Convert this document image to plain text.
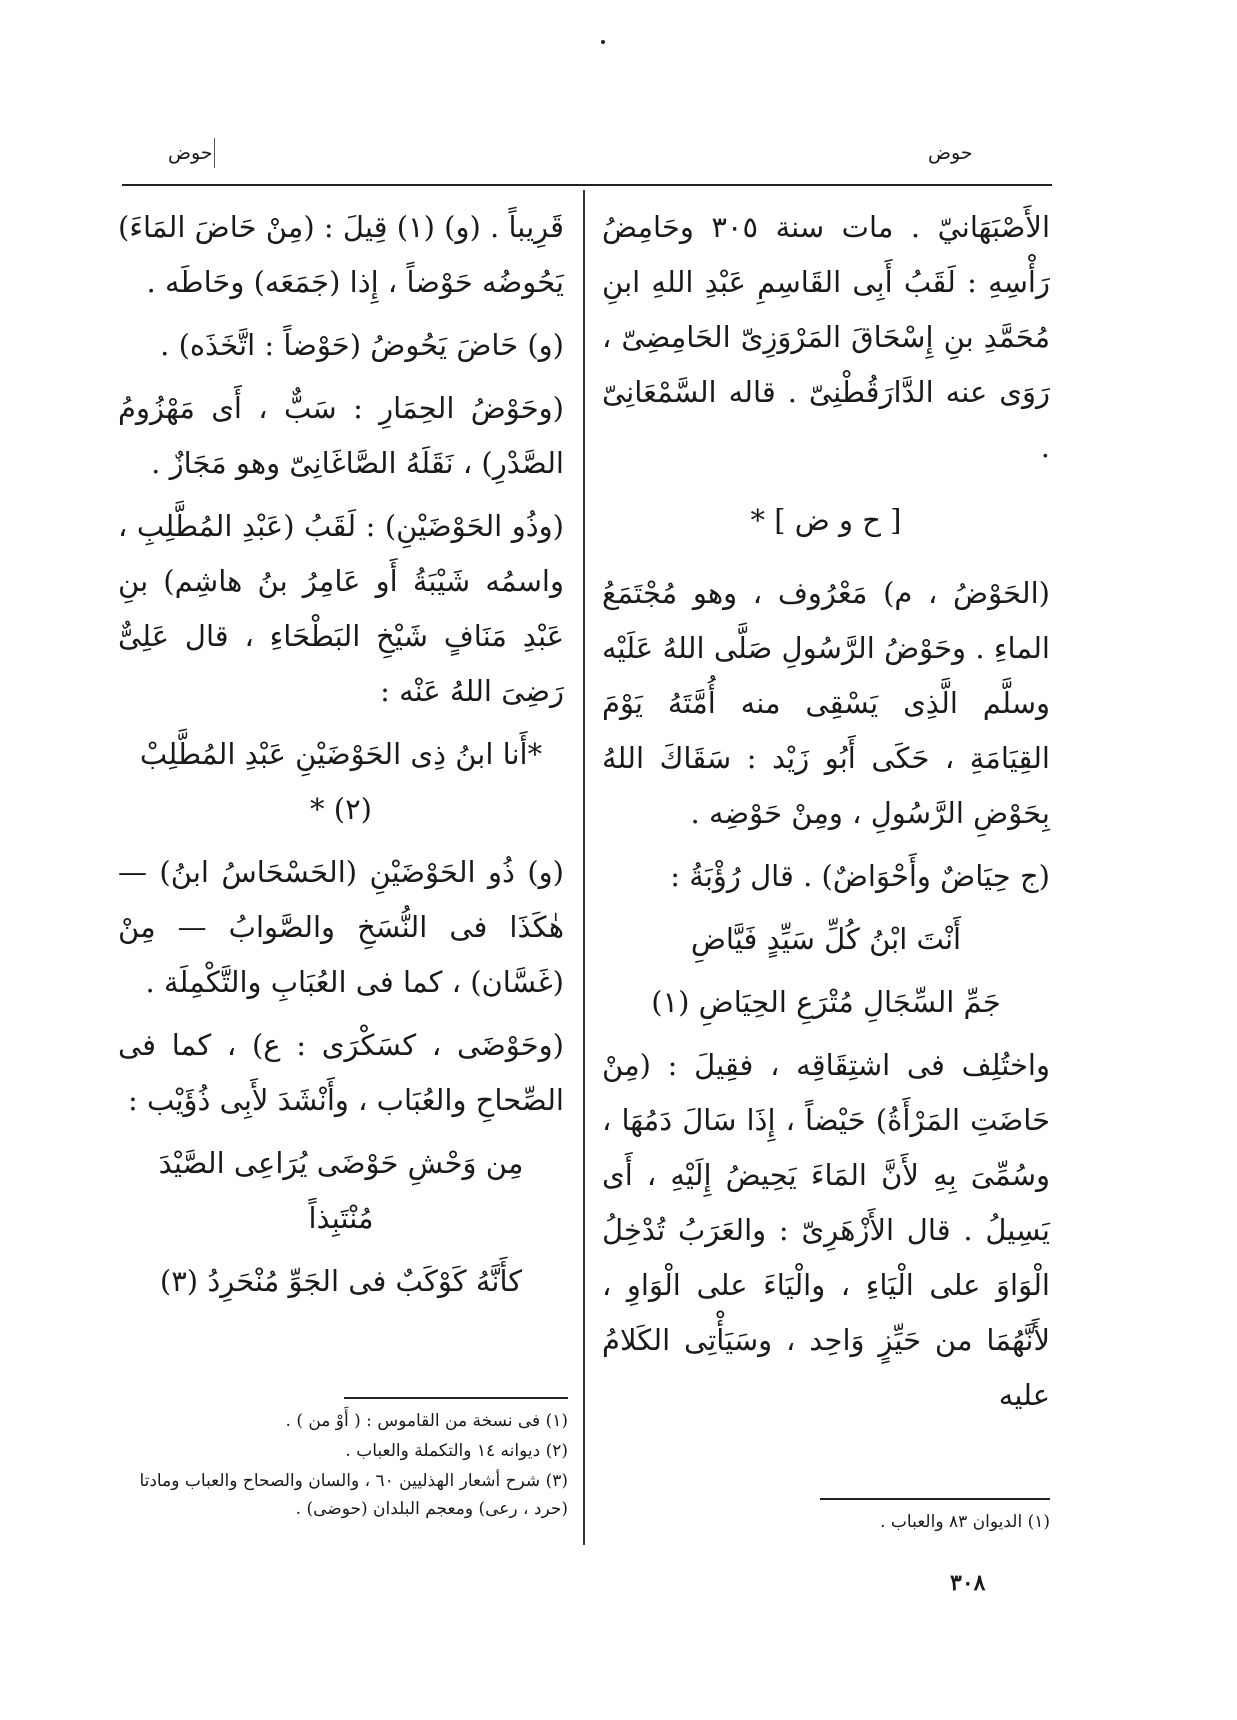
حوض
حوض

الأَصْبَهَانيّ . مات سنة ٣٠٥ وحَامِضُ رَأْسِهِ : لَقَبُ أَبِى القَاسِمِ عَبْدِ اللهِ ابنِ مُحَمَّدِ بنِ إِسْحَاقَ المَرْوَزِىّ الحَامِضِىّ ، رَوَى عنه الدَّارَقُطْنِىّ . قاله السَّمْعَانِىّ .

[ ح و ض ] *

(الحَوْضُ ، م) مَعْرُوف ، وهو مُجْتَمَعُ الماءِ . وحَوْضُ الرَّسُولِ صَلَّى اللهُ عَلَيْه وسلَّم الَّذِى يَسْقِى منه أُمَّتَهُ يَوْمَ القِيَامَةِ ، حَكَى أَبُو زَيْد : سَقَاكَ اللهُ بِحَوْضِ الرَّسُولِ ، ومِنْ حَوْضِه .

(ج حِيَاضٌ وأَحْوَاضٌ) . قال رُؤْبَةُ :

أَنْتَ ابْنُ كُلِّ سَيِّدٍ فَيَّاضِ

جَمِّ السِّجَالِ مُتْرَعِ الحِيَاضِ (١)

واختُلِف فى اشتِقَاقِه ، فقِيلَ : (مِنْ حَاضَتِ المَرْأَةُ) حَيْضاً ، إِذَا سَالَ دَمُهَا ، وسُمِّىَ بِهِ لأَنَّ المَاءَ يَحِيضُ إِلَيْهِ ، أَى يَسِيلُ . قال الأَزْهَرِىّ : والعَرَبُ تُدْخِلُ الْوَاوَ على الْيَاءِ ، والْيَاءَ على الْوَاوِ ، لأَنَّهُمَا من حَيِّزٍ وَاحِد ، وسَيَأْتِى الكَلامُ عليه

قَرِيباً . (و) (١) قِيلَ : (مِنْ حَاضَ المَاءَ) يَحُوضُه حَوْضاً ، إِذا (جَمَعَه) وحَاطَه .

(و) حَاضَ يَحُوضُ (حَوْضاً : اتَّخَذَه) .

(وحَوْضُ الحِمَارِ : سَبٌّ ، أَى مَهْزُومُ الصَّدْرِ) ، نَقَلَهُ الصَّاغَانِىّ وهو مَجَازٌ .

(وذُو الحَوْضَيْنِ) : لَقَبُ (عَبْدِ المُطَّلِبِ ، واسمُه شَيْبَةُ أَو عَامِرُ بنُ هاشِم) بنِ عَبْدِ مَنَافٍ شَيْخِ البَطْحَاءِ ، قال عَلِىٌّ رَضِىَ اللهُ عَنْه :

*أَنا ابنُ ذِى الحَوْضَيْنِ عَبْدِ المُطَّلِبْ (٢) *

(و) ذُو الحَوْضَيْنِ (الحَسْحَاسُ ابنُ) — هٰكَذَا فى النُّسَخِ والصَّوابُ — مِنْ (غَسَّان) ، كما فى العُبَابِ والتَّكْمِلَة .

(وحَوْضَى ، كسَكْرَى : ع) ، كما فى الصِّحاحِ والعُبَاب ، وأَنْشَدَ لأَبِى ذُؤَيْب :

مِن وَحْشِ حَوْضَى يُرَاعِى الصَّيْدَ مُنْتَبِذاً

كأَنَّهُ كَوْكَبٌ فى الجَوِّ مُنْحَرِدُ (٣)

(١) فى نسخة من القاموس : ( أَوْ من ) .
(٢) ديوانه ١٤ والتكملة والعباب .
(٣) شرح أشعار الهذليين ٦٠ ، والسان والصحاح والعباب ومادتا (حرد ، رعى) ومعجم البلدان (حوضى) .
(١) الديوان ٨٣ والعباب .
٣٠٨
